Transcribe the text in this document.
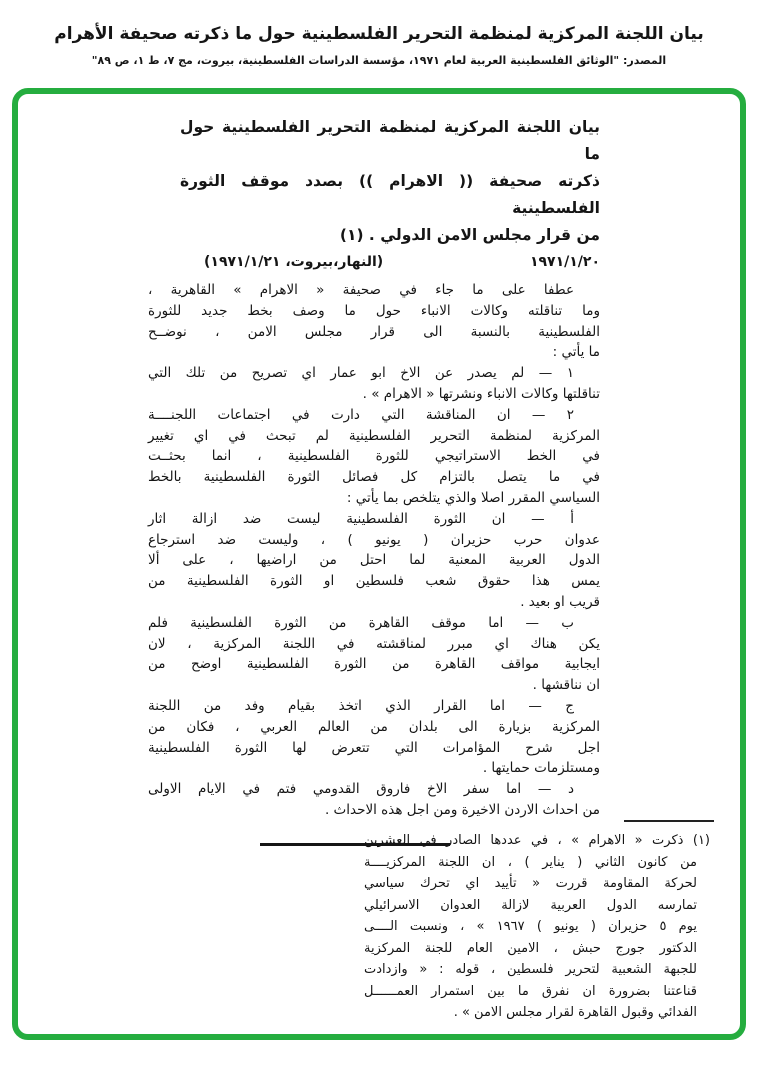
بيان اللجنة المركزية لمنظمة التحرير الفلسطينية حول ما ذكرته صحيفة الأهرام
المصدر: "الوثائق الفلسطينية العربية لعام ١٩٧١، مؤسسة الدراسات الفلسطينية، بيروت، مج ٧، ط ١، ص ٨٩"
بيان اللجنة المركزية لمنظمة التحرير الفلسطينية حول ما
ذكرته صحيفة (( الاهرام )) بصدد موقف الثورة الفلسطينية
من قرار مجلس الامن الدولي . (١)
١٩٧١/١/٢٠
(النهار،بيروت، ١٩٧١/١/٢١)
عطفا على ما جاء في صحيفة « الاهرام » القاهرية ،
وما تناقلته وكالات الانباء حول ما وصف بخط جديد للثورة
الفلسطينية بالنسبة الى قرار مجلس الامن ، نوضــح
ما يأتي :
١ — لم يصدر عن الاخ ابو عمار اي تصريح من تلك التي
تناقلتها وكالات الانباء ونشرتها « الاهرام » .
٢ — ان المناقشة التي دارت في اجتماعات اللجنــــة
المركزية لمنظمة التحرير الفلسطينية لم تبحث في اي تغيير
في الخط الاستراتيجي للثورة الفلسطينية ، انما بحثــت
في ما يتصل بالتزام كل فصائل الثورة الفلسطينية بالخط
السياسي المقرر اصلا والذي يتلخص بما يأتي :
أ — ان الثورة الفلسطينية ليست ضد ازالة اثار
عدوان حرب حزيران ( يونيو ) ، وليست ضد استرجاع
الدول العربية المعنية لما احتل من اراضيها ، على ألا
يمس هذا حقوق شعب فلسطين او الثورة الفلسطينية من
قريب او بعيد .
ب — اما موقف القاهرة من الثورة الفلسطينية فلم
يكن هناك اي مبرر لمناقشته في اللجنة المركزية ، لان
ايجابية مواقف القاهرة من الثورة الفلسطينية اوضح من
ان نناقشها .
ج — اما القرار الذي اتخذ بقيام وفد من اللجنة
المركزية بزيارة الى بلدان من العالم العربي ، فكان من
اجل شرح المؤامرات التي تتعرض لها الثورة الفلسطينية
ومستلزمات حمايتها .
د — اما سفر الاخ فاروق القدومي فتم في الايام الاولى
من احداث الاردن الاخيرة ومن اجل هذه الاحداث .
(١) ذكرت « الاهرام » ، في عددها الصادر في العشرين
من كانون الثاني ( يناير ) ، ان اللجنة المركزيــــة
لحركة المقاومة قررت « تأييد اي تحرك سياسي
تمارسه الدول العربية لازالة العدوان الاسرائيلي
يوم ٥ حزيران ( يونيو ) ١٩٦٧ » ، ونسبت الــــى
الدكتور جورج حبش ، الامين العام للجنة المركزية
للجبهة الشعبية لتحرير فلسطين ، قوله : « وازدادت
قناعتنا بضرورة ان نفرق ما بين استمرار العمــــــل
الفدائي وقبول القاهرة لقرار مجلس الامن » .
